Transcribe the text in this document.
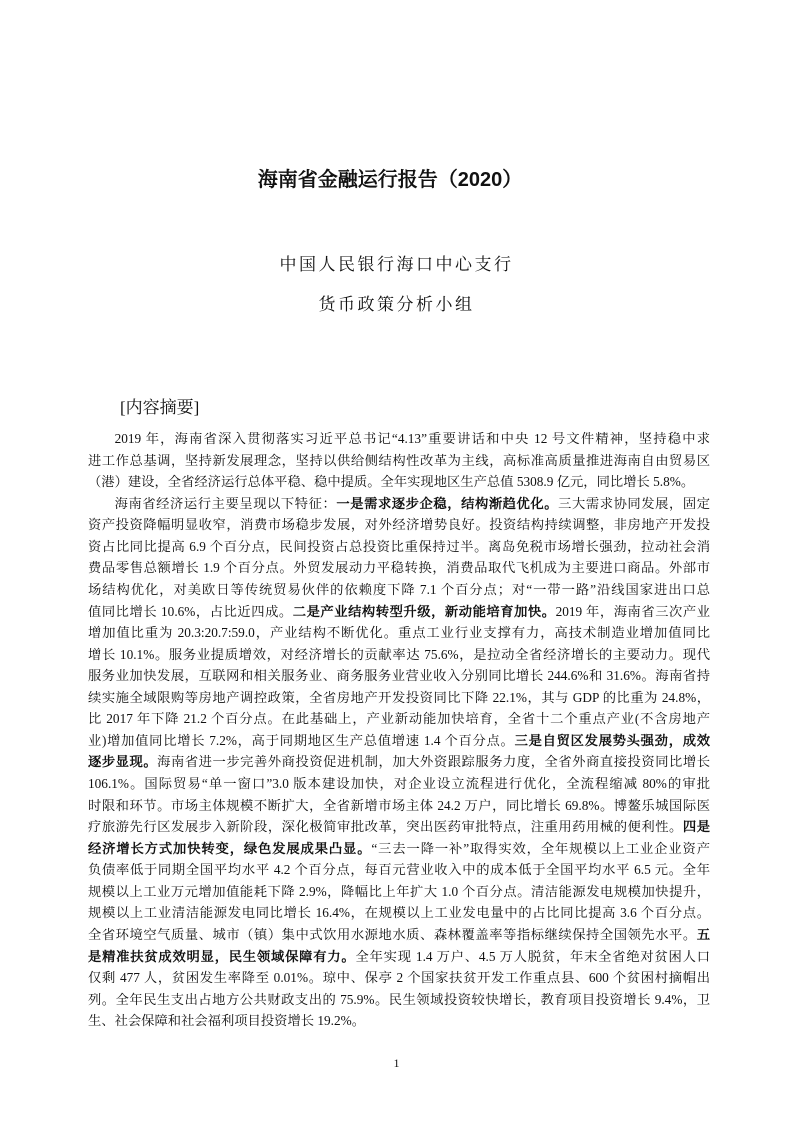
海南省金融运行报告（2020）
中国人民银行海口中心支行
货币政策分析小组
[内容摘要]
2019 年，海南省深入贯彻落实习近平总书记“4.13”重要讲话和中央 12 号文件精神，坚持稳中求
进工作总基调，坚持新发展理念，坚持以供给侧结构性改革为主线，高标准高质量推进海南自由贸易区
（港）建设，全省经济运行总体平稳、稳中提质。全年实现地区生产总值 5308.9 亿元，同比增长 5.8%。
海南省经济运行主要呈现以下特征：一是需求逐步企稳，结构渐趋优化。三大需求协同发展，固定
资产投资降幅明显收窄，消费市场稳步发展，对外经济增势良好。投资结构持续调整，非房地产开发投
资占比同比提高 6.9 个百分点，民间投资占总投资比重保持过半。离岛免税市场增长强劲，拉动社会消
费品零售总额增长 1.9 个百分点。外贸发展动力平稳转换，消费品取代飞机成为主要进口商品。外部市
场结构优化，对美欧日等传统贸易伙伴的依赖度下降 7.1 个百分点；对“一带一路”沿线国家进出口总
值同比增长 10.6%，占比近四成。二是产业结构转型升级，新动能培育加快。2019 年，海南省三次产业
增加值比重为 20.3:20.7:59.0，产业结构不断优化。重点工业行业支撑有力，高技术制造业增加值同比
增长 10.1%。服务业提质增效，对经济增长的贡献率达 75.6%，是拉动全省经济增长的主要动力。现代
服务业加快发展，互联网和相关服务业、商务服务业营业收入分别同比增长 244.6%和 31.6%。海南省持
续实施全域限购等房地产调控政策，全省房地产开发投资同比下降 22.1%，其与 GDP 的比重为 24.8%，
比 2017 年下降 21.2 个百分点。在此基础上，产业新动能加快培育，全省十二个重点产业(不含房地产
业)增加值同比增长 7.2%，高于同期地区生产总值增速 1.4 个百分点。三是自贸区发展势头强劲，成效
逐步显现。海南省进一步完善外商投资促进机制，加大外资跟踪服务力度，全省外商直接投资同比增长
106.1%。国际贸易“单一窗口”3.0 版本建设加快，对企业设立流程进行优化，全流程缩减 80%的审批
时限和环节。市场主体规模不断扩大，全省新增市场主体 24.2 万户，同比增长 69.8%。博鳌乐城国际医
疗旅游先行区发展步入新阶段，深化极简审批改革，突出医药审批特点，注重用药用械的便利性。四是
经济增长方式加快转变，绿色发展成果凸显。“三去一降一补”取得实效，全年规模以上工业企业资产
负债率低于同期全国平均水平 4.2 个百分点，每百元营业收入中的成本低于全国平均水平 6.5 元。全年
规模以上工业万元增加值能耗下降 2.9%，降幅比上年扩大 1.0 个百分点。清洁能源发电规模加快提升，
规模以上工业清洁能源发电同比增长 16.4%，在规模以上工业发电量中的占比同比提高 3.6 个百分点。
全省环境空气质量、城市（镇）集中式饮用水源地水质、森林覆盖率等指标继续保持全国领先水平。五
是精准扶贫成效明显，民生领域保障有力。全年实现 1.4 万户、4.5 万人脱贫，年末全省绝对贫困人口
仅剩 477 人，贫困发生率降至 0.01%。琼中、保亭 2 个国家扶贫开发工作重点县、600 个贫困村摘帽出
列。全年民生支出占地方公共财政支出的 75.9%。民生领域投资较快增长，教育项目投资增长 9.4%，卫
生、社会保障和社会福利项目投资增长 19.2%。
1
